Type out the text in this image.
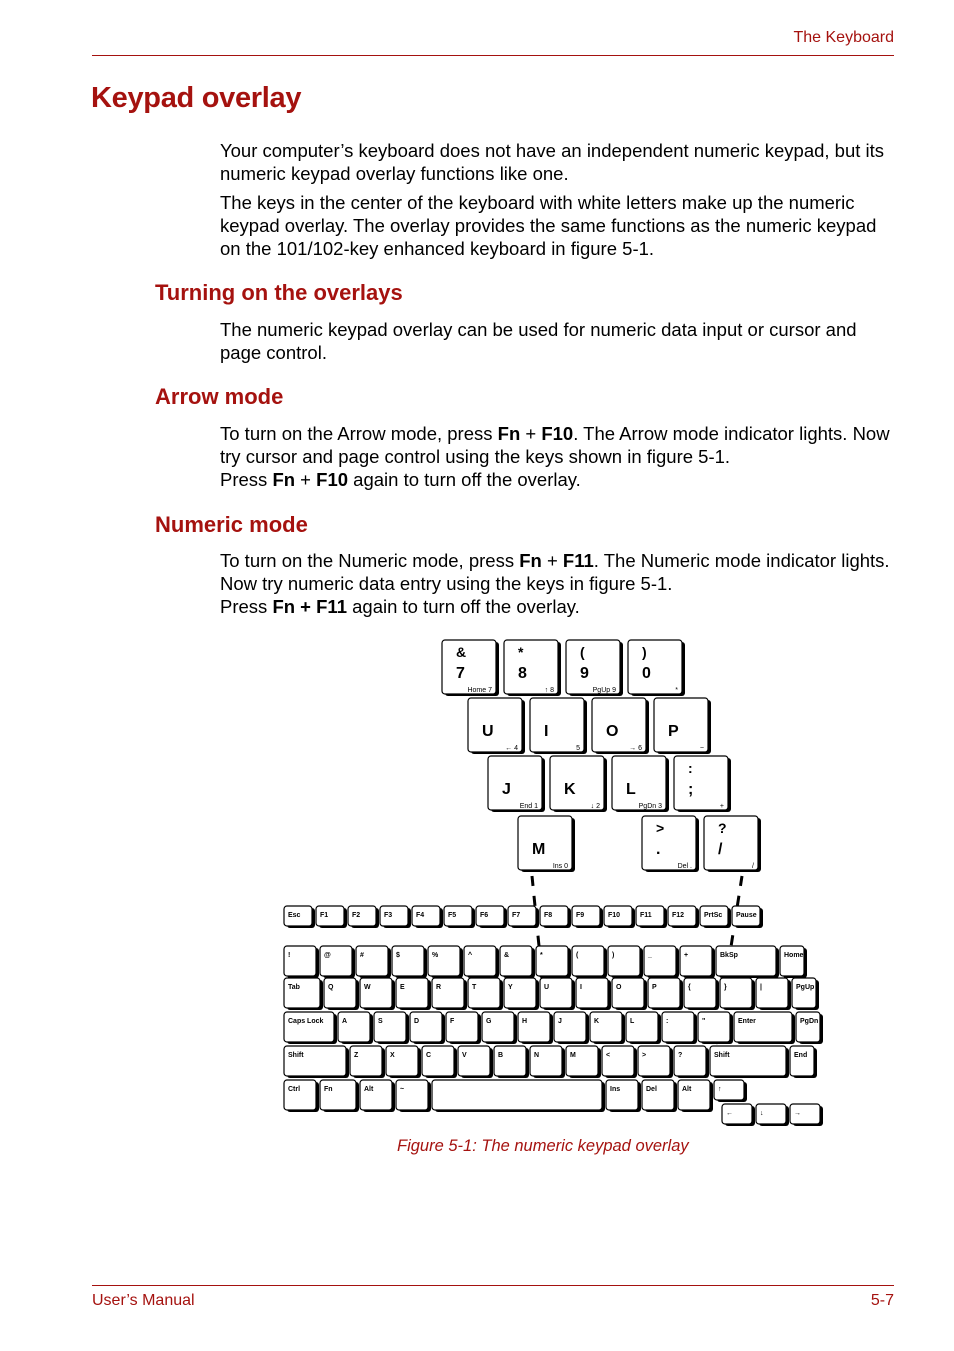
The Keyboard
Keypad overlay

Your computer’s keyboard does not have an independent numeric keypad, but its numeric keypad overlay functions like one.

The keys in the center of the keyboard with white letters make up the numeric keypad overlay. The overlay provides the same functions as the numeric keypad on the 101/102-key enhanced keyboard in figure 5-1.

Turning on the overlays

The numeric keypad overlay can be used for numeric data input or cursor and page control.

Arrow mode

To turn on the Arrow mode, press Fn + F10. The Arrow mode indicator lights. Now try cursor and page control using the keys shown in figure 5-1.
Press Fn + F10 again to turn off the overlay.

Numeric mode

To turn on the Numeric mode, press Fn + F11. The Numeric mode indicator lights. Now try numeric data entry using the keys in figure 5-1.
Press Fn + F11 again to turn off the overlay.

&
7
Home 7
*
8
↑ 8
(
9
PgUp 9
)
0
*
U
← 4
I
5
O
→ 6
P
−
J
End 1
K
↓ 2
L
PgDn 3
:
;
+
M
Ins 0
>
.
Del .
?
/
/
Esc	F1	F2	F3	F4	F5	F6	F7	F8	F9	F10	F11	F12	PrtSc Pause
!	@	#	$	%	^	&	*	(	)	_	+	BkSp	Home
Tab	Q	W	E	R	T	Y	U	I	O	P	{	}	|	PgUp
Caps Lock	A	S	D	F	G	H	J	K	L	:	"	Enter	PgDn
Shift	Z	X	C	V	B	N	M	<	>	?	Shift	End
Ctrl	Fn	Alt	~	Ins	Del	Alt	↑
←	↓	→
Figure 5-1: The numeric keypad overlay
User’s Manual	5-7
